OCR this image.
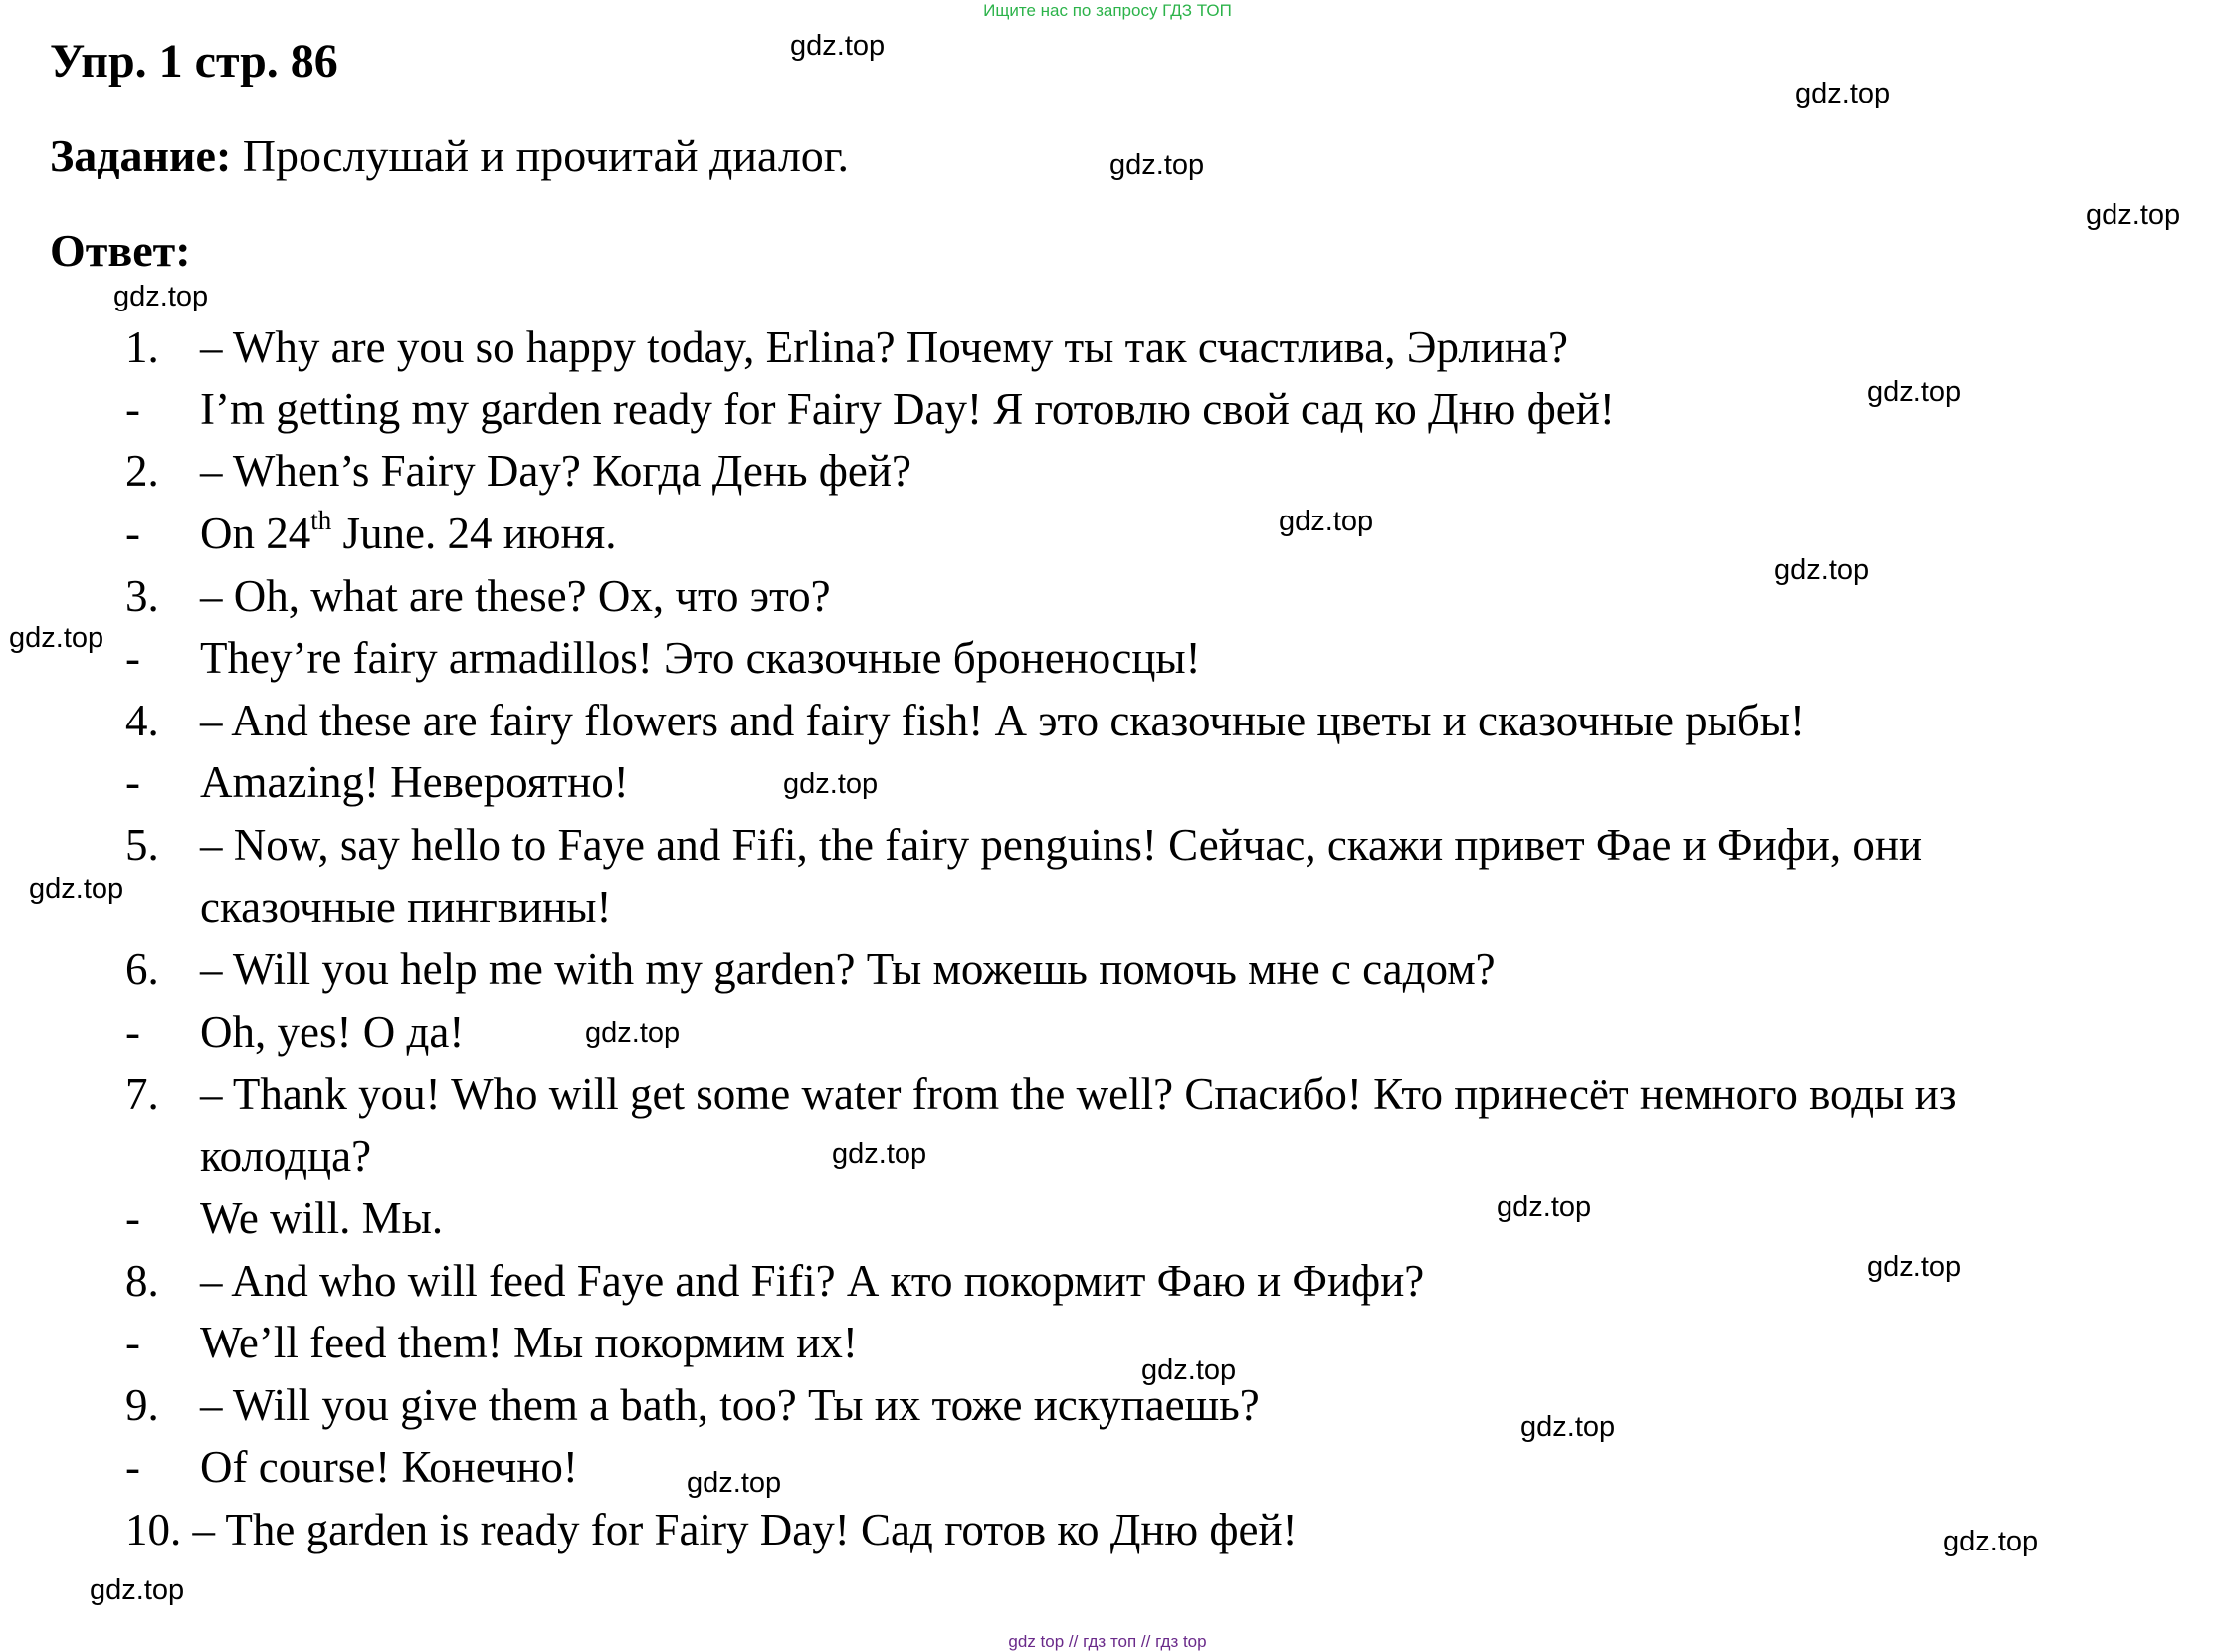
Ищите нас по запросу ГДЗ ТОП
Упр. 1 стр. 86
Задание: Прослушай и прочитай диалог.
Ответ:
1. – Why are you so happy today, Erlina? Почему ты так счастлива, Эрлина?
- I’m getting my garden ready for Fairy Day! Я готовлю свой сад ко Дню фей!
2. – When’s Fairy Day? Когда День фей?
- On 24th June. 24 июня.
3. – Oh, what are these? Ох, что это?
- They’re fairy armadillos! Это сказочные броненосцы!
4. – And these are fairy flowers and fairy fish! А это сказочные цветы и сказочные рыбы!
- Amazing! Невероятно!
5. – Now, say hello to Faye and Fifi, the fairy penguins! Сейчас, скажи привет Фае и Фифи, они
сказочные пингвины!
6. – Will you help me with my garden? Ты можешь помочь мне с садом?
- Oh, yes! О да!
7. – Thank you! Who will get some water from the well? Спасибо! Кто принесёт немного воды из
колодца?
- We will. Мы.
8. – And who will feed Faye and Fifi? А кто покормит Фаю и Фифи?
- We’ll feed them! Мы покормим их!
9. – Will you give them a bath, too? Ты их тоже искупаешь?
- Of course! Конечно!
10. – The garden is ready for Fairy Day! Сад готов ко Дню фей!
gdz.top
gdz.top
gdz.top
gdz.top
gdz.top
gdz.top
gdz.top
gdz.top
gdz.top
gdz.top
gdz.top
gdz.top
gdz.top
gdz.top
gdz.top
gdz.top
gdz.top
gdz.top
gdz.top
gdz.top
gdz top // гдз топ // гдз top
